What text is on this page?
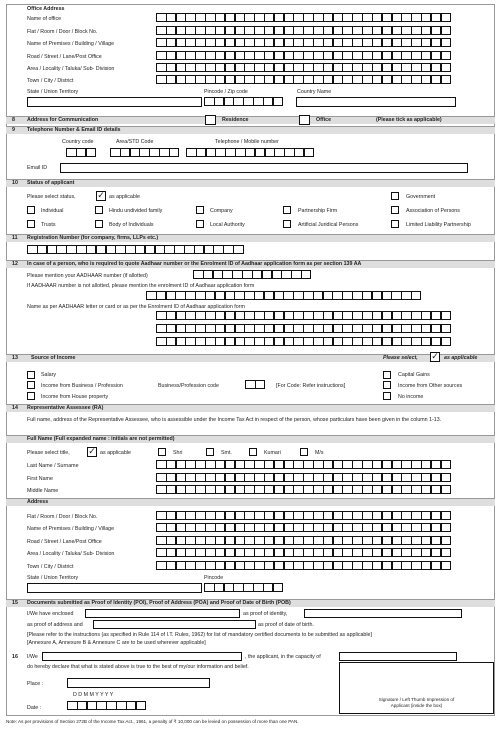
Office Address
Name of office
Flat / Room / Door / Block No.
Name of Premises / Building / Village
Road / Street / Lane/Post Office
Area / Locality / Taluka/ Sub- Division
Town / City / District
State / Union Territory	Pincode / Zip code	Country Name
8 Address for Communication	Residence	Office	(Please tick as applicable)
9 Telephone Number & Email ID details
Country code	Area/STD Code	Telephone / Mobile number
Email ID
10 Status of applicant
Please select status, ✓ as applicable	Government
Individual	Hindu undivided family	Company	Partnership Firm	Association of Persons
Trusts	Body of Individuals	Local Authority	Artificial Juridical Persons	Limited Liability Partnership
11 Registration Number (for company, firms, LLPs etc.)
12 In case of a person, who is required to quote Aadhaar number or the Enrolment ID of Aadhaar application form as per section 139 AA
Please mention your AADHAAR number (if allotted)
If AADHAAR number is not allotted, please mention the enrolment ID of Aadhaar application form
Name as per AADHAAR letter or card or as per the Enrolment ID of Aadhaar application form
13 Source of Income	Please select, ✓ as applicable
Salary	Capital Gains
Income from Business / Profession	Business/Profession code	[For Code: Refer instructions]	Income from Other sources
Income from House property	No income
14 Representative Assessee (RA)
Full name, address of the Representative Assessee, who is assessible under the Income Tax Act in respect of the person, whose particulars have been given in the column 1-13.
Full Name (Full expanded name : initials are not permitted)
Please select title, ✓ as applicable	Shri	Smt.	Kumari	M/s
Last Name / Surname
First Name
Middle Name
Address
Flat / Room / Door / Block No.
Name of Premises / Building / Village
Road / Street / Lane/Post Office
Area / Locality / Taluka/ Sub- Division
Town / City / District
State / Union Territory	Pincode
15 Documents submitted as Proof of Identity (POI), Proof of Address (POA) and Proof of Date of Birth (POB)
I/We have enclosed	as proof of identity,
as proof of address and	as proof of date of birth.
[Please refer to the instructions (as specified in Rule 114 of I.T. Rules, 1962) for list of mandatory certified documents to be submitted as applicable]
[Annexure A, Annexure B & Annexure C are to be used wherever applicable]
16 I/We	, the applicant, in the capacity of
do hereby declare that what is stated above is true to the best of my/our information and belief.
Place :
D D M M Y Y Y Y
Date :
Signature / Left Thumb Impression of
Applicant (inside the box)
Note: As per provisions of Section 272B of the Income Tax Act., 1961, a penalty of ₹ 10,000 can be levied on possession of more than one PAN.
